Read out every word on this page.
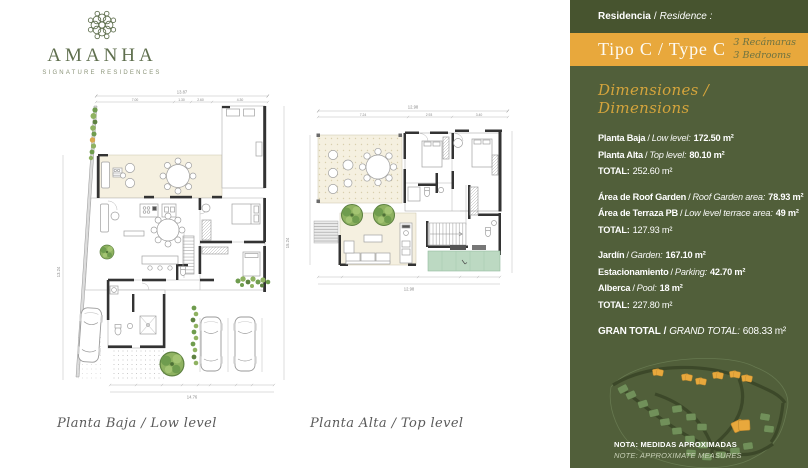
AMANHA
SIGNATURE RESIDENCES
13.87
7.00	1.30	2.60	4.30
14.76
13.24
15.24
12.98
7.24	2.93	3.40
12.98
Planta Baja / Low level	Planta Alta / Top level
Residencia / Residence :
Tipo C / Type C 3 Recámaras
3 Bedrooms
Dimensiones / Dimensions
Planta Baja / Low level: 172.50 m²
Planta Alta / Top level: 80.10 m²
TOTAL: 252.60 m²
Área de Roof Garden / Roof Garden area: 78.93 m²
Área de Terraza PB / Low level terrace area: 49 m²
TOTAL: 127.93 m²
Jardín / Garden: 167.10 m²
Estacionamiento / Parking: 42.70 m²
Alberca / Pool: 18 m²
TOTAL: 227.80 m²
GRAN TOTAL / GRAND TOTAL: 608.33 m²
NOTA: MEDIDAS APROXIMADAS
NOTE: APPROXIMATE MEASURES
